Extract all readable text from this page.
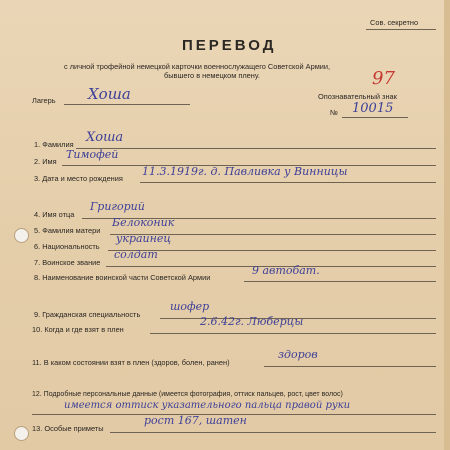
Сов. секретно
ПЕРЕВОД
с личной трофейной немецкой карточки военнослужащего Советской Армии,
бывшего в немецком плену.
Лагерь Хоша	Опознавательный знак
№ 10015
97
1. Фамилия Хоша
2. Имя
Тимофей
3. Дата и место рождения
11.3.1919г. д. Павливка у Винницы
4. Имя отца
Григорий
5. Фамилия матери
Белоконик
6. Национальность
украинец
7. Воинское звание
солдат
8. Наименование воинской части Советской Армии
9 автобат.
9. Гражданская специальность
шофер
10. Когда и где взят в плен
2.6.42г. Люберцы
11. В каком состоянии взят в плен (здоров, болен, ранен)
здоров
12. Подробные персональные данные (имеется фотография, оттиск пальцев, рост, цвет волос)
имеется оттиск указательного пальца правой руки
13. Особые приметы
рост 167, шатен
